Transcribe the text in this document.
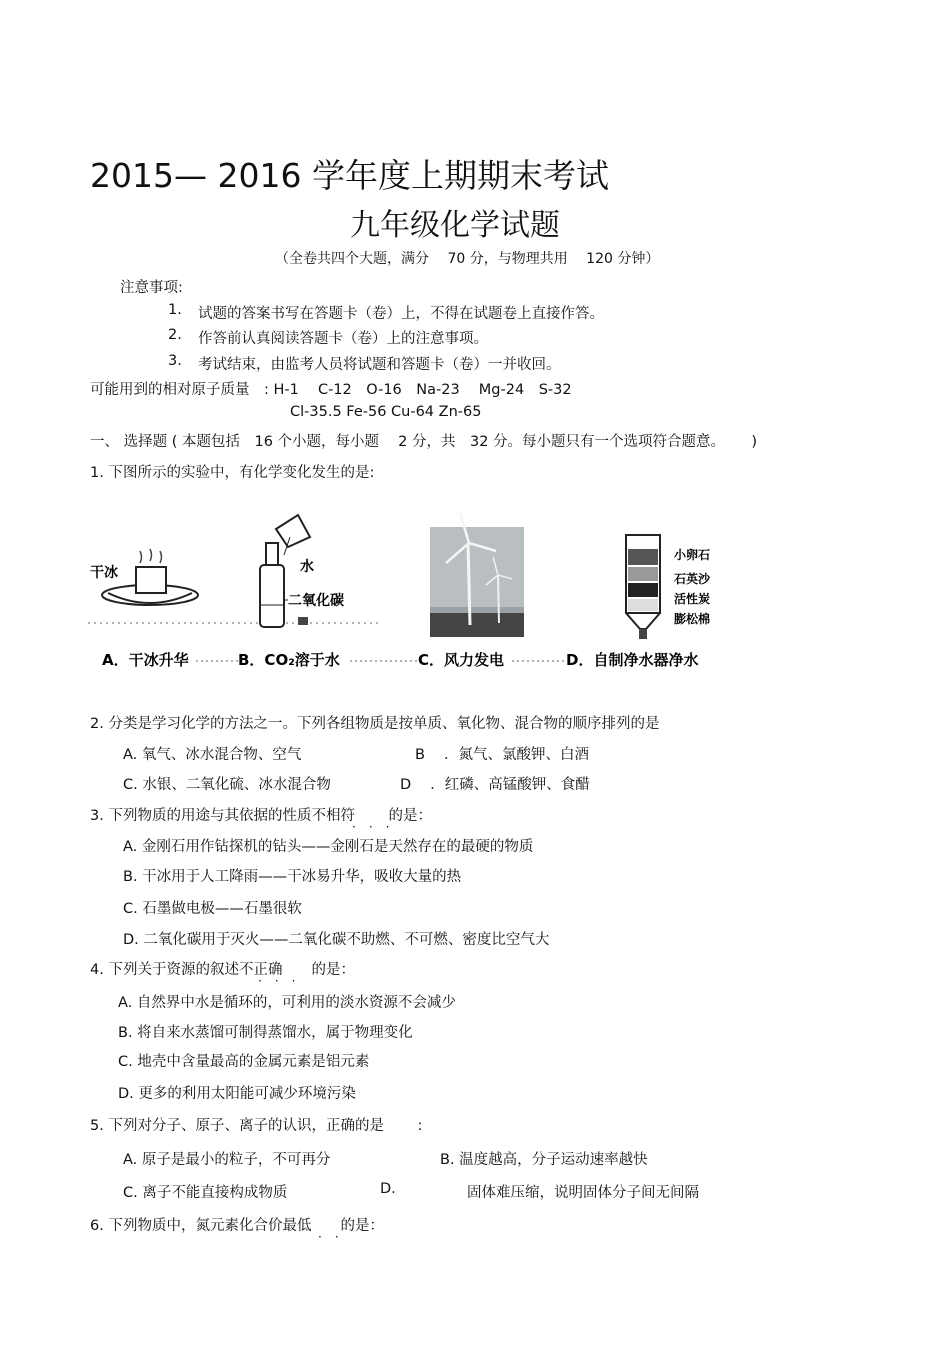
2015— 2016 学年度上期期末考试
九年级化学试题
（全卷共四个大题，满分　 70 分，与物理共用　 120 分钟）
注意事项:
1. 试题的答案书写在答题卡（卷）上，不得在试题卷上直接作答。
2. 作答前认真阅读答题卡（卷）上的注意事项。
3. 考试结束，由监考人员将试题和答题卡（卷）一并收回。
可能用到的相对原子质量　: H-1　 C-12　O-16　Na-23　 Mg-24　S-32
Cl-35.5 Fe-56 Cu-64 Zn-65
一、 选择题 ( 本题包括　16 个小题，每小题　 2 分，共　32 分。每小题只有一个选项符合题意。　　 )
1. 下图所示的实验中，有化学变化发生的是:
干冰	水
二氧化碳
小卵石
石英沙
活性炭
膨松棉
A．干冰升华	B．CO₂溶于水	C．风力发电	D．自制净水器净水
2. 分类是学习化学的方法之一。下列各组物质是按单质、氧化物、混合物的顺序排列的是
A. 氧气、冰水混合物、空气	B　 ．氮气、氯酸钾、白酒
C. 水银、二氧化硫、冰水混合物	D　 ．红磷、高锰酸钾、食醋
3. 下列物质的用途与其依据的性质不相符　　 的是：
···
A. 金刚石用作钻探机的钻头——金刚石是天然存在的最硬的物质
B. 干冰用于人工降雨——干冰易升华，吸收大量的热
C. 石墨做电极——石墨很软
D. 二氧化碳用于灭火——二氧化碳不助燃、不可燃、密度比空气大
4. 下列关于资源的叙述不正确　　的是：
···
A. 自然界中水是循环的，可利用的淡水资源不会减少
B. 将自来水蒸馏可制得蒸馏水，属于物理变化
C. 地壳中含量最高的金属元素是铝元素
D. 更多的利用太阳能可减少环境污染
5. 下列对分子、原子、离子的认识，正确的是　　 :
A. 原子是最小的粒子，不可再分	B. 温度越高，分子运动速率越快
C. 离子不能直接构成物质	D.	固体难压缩，说明固体分子间无间隔
6. 下列物质中，氮元素化合价最低　　的是：
··
